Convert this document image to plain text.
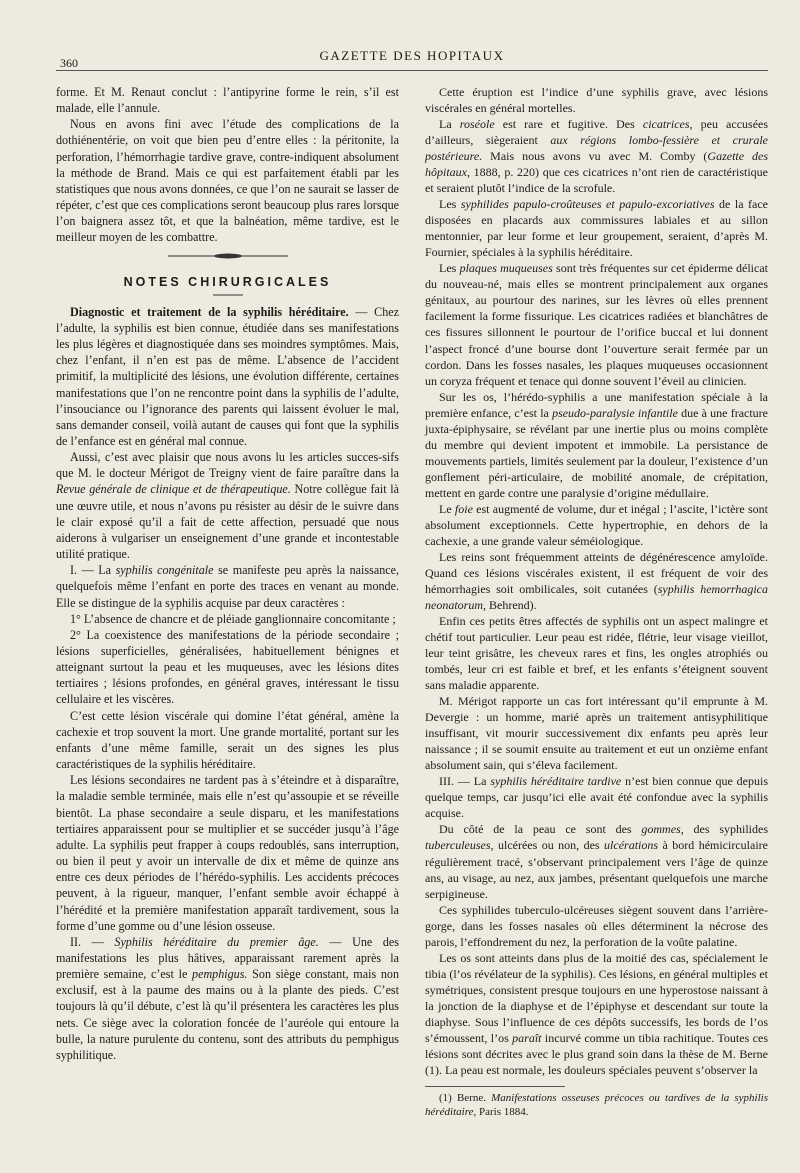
360	GAZETTE DES HOPITAUX

forme. Et M. Renaut conclut : l’antipyrine forme le rein, s’il est malade, elle l’annule.

Nous en avons fini avec l’étude des complications de la dothiénentérie, on voit que bien peu d’entre elles : la péritonite, la perforation, l’hémorrhagie tardive grave, contre-indiquent absolument la méthode de Brand. Mais ce qui est parfaitement établi par les statistiques que nous avons données, ce que l’on ne saurait se lasser de répéter, c’est que ces complications seront beaucoup plus rares lorsque l’on baignera assez tôt, et que la balnéation, même tardive, est le meilleur moyen de les combattre.

NOTES CHIRURGICALES

Diagnostic et traitement de la syphilis héréditaire. — Chez l’adulte, la syphilis est bien connue, étudiée dans ses manifestations les plus légères et diagnostiquée dans ses moindres symptômes. Mais, chez l’enfant, il n’en est pas de même. L’absence de l’accident primitif, la multiplicité des lésions, une évolution différente, certaines manifestations que l’on ne rencontre point dans la syphilis de l’adulte, l’insouciance ou l’ignorance des parents qui laissent évoluer le mal, sans demander conseil, voilà autant de causes qui font que la syphilis de l’enfance est en général mal connue.

Aussi, c’est avec plaisir que nous avons lu les articles succes-sifs que M. le docteur Mérigot de Treigny vient de faire paraître dans la Revue générale de clinique et de thérapeutique. Notre collègue fait là une œuvre utile, et nous n’avons pu résister au désir de le suivre dans le clair exposé qu’il a fait de cette affection, persuadé que nous aiderons à vulgariser un enseignement d’une grande et incontestable utilité pratique.

I. — La syphilis congénitale se manifeste peu après la naissance, quelquefois même l’enfant en porte des traces en venant au monde. Elle se distingue de la syphilis acquise par deux caractères :

1° L’absence de chancre et de pléiade ganglionnaire concomitante ;

2° La coexistence des manifestations de la période secondaire ; lésions superficielles, généralisées, habituellement bénignes et atteignant surtout la peau et les muqueuses, avec les lésions dites tertiaires ; lésions profondes, en général graves, intéressant le tissu cellulaire et les viscères.

C’est cette lésion viscérale qui domine l’état général, amène la cachexie et trop souvent la mort. Une grande mortalité, portant sur les enfants d’une même famille, serait un des signes les plus caractéristiques de la syphilis héréditaire.

Les lésions secondaires ne tardent pas à s’éteindre et à disparaître, la maladie semble terminée, mais elle n’est qu’assoupie et se réveille bientôt. La phase secondaire a seule disparu, et les manifestations tertiaires apparaissent pour se multiplier et se succéder jusqu’à l’âge adulte. La syphilis peut frapper à coups redoublés, sans interruption, ou bien il peut y avoir un intervalle de dix et même de quinze ans entre ces deux périodes de l’hérédo-syphilis. Les accidents précoces peuvent, à la rigueur, manquer, l’enfant semble avoir échappé à l’hérédité et la première manifestation apparaît tardivement, sous la forme d’une gomme ou d’une lésion osseuse.

II. — Syphilis héréditaire du premier âge. — Une des manifestations les plus hâtives, apparaissant rarement après la première semaine, c’est le pemphigus. Son siège constant, mais non exclusif, est à la paume des mains ou à la plante des pieds. C’est toujours là qu’il débute, c’est là qu’il présentera les caractères les plus nets. Ce siège avec la coloration foncée de l’auréole qui entoure la bulle, la nature purulente du contenu, sont des attributs du pemphigus syphilitique.

Cette éruption est l’indice d’une syphilis grave, avec lésions viscérales en général mortelles.

La roséole est rare et fugitive. Des cicatrices, peu accusées d’ailleurs, siègeraient aux régions lombo-fessière et crurale postérieure. Mais nous avons vu avec M. Comby (Gazette des hôpitaux, 1888, p. 220) que ces cicatrices n’ont rien de caractéristique et seraient plutôt l’indice de la scrofule.

Les syphilides papulo-croûteuses et papulo-excoriatives de la face disposées en placards aux commissures labiales et au sillon mentonnier, par leur forme et leur groupement, seraient, d’après M. Fournier, spéciales à la syphilis héréditaire.

Les plaques muqueuses sont très fréquentes sur cet épiderme délicat du nouveau-né, mais elles se montrent principalement aux organes génitaux, au pourtour des narines, sur les lèvres où elles prennent facilement la forme fissurique. Les cicatrices radiées et blanchâtres de ces fissures sillonnent le pourtour de l’orifice buccal et lui donnent l’aspect froncé d’une bourse dont l’ouverture serait fermée par un cordon. Dans les fosses nasales, les plaques muqueuses occasionnent un coryza fréquent et tenace qui donne souvent l’éveil au clinicien.

Sur les os, l’hérédo-syphilis a une manifestation spéciale à la première enfance, c’est la pseudo-paralysie infantile due à une fracture juxta-épiphysaire, se révélant par une inertie plus ou moins complète du membre qui devient impotent et immobile. La persistance de mouvements partiels, limités seulement par la douleur, l’existence d’un gonflement péri-articulaire, de mobilité anomale, de crépitation, mettent en garde contre une paralysie d’origine médullaire.

Le foie est augmenté de volume, dur et inégal ; l’ascite, l’ictère sont absolument exceptionnels. Cette hypertrophie, en dehors de la cachexie, a une grande valeur séméiologique.

Les reins sont fréquemment atteints de dégénérescence amyloïde. Quand ces lésions viscérales existent, il est fréquent de voir des hémorrhagies soit ombilicales, soit cutanées (syphilis hemorrhagica neonatorum, Behrend).

Enfin ces petits êtres affectés de syphilis ont un aspect malingre et chétif tout particulier. Leur peau est ridée, flétrie, leur visage vieillot, leur teint grisâtre, les cheveux rares et fins, les ongles atrophiés ou tombés, leur cri est faible et bref, et les enfants s’éteignent souvent sans maladie apparente.

M. Mérigot rapporte un cas fort intéressant qu’il emprunte à M. Devergie : un homme, marié après un traitement antisyphilitique insuffisant, vit mourir successivement dix enfants peu après leur naissance ; il se soumit ensuite au traitement et eut un onzième enfant absolument sain, qui s’éleva facilement.

III. — La syphilis héréditaire tardive n’est bien connue que depuis quelque temps, car jusqu’ici elle avait été confondue avec la syphilis acquise.

Du côté de la peau ce sont des gommes, des syphilides tuberculeuses, ulcérées ou non, des ulcérations à bord hémicirculaire régulièrement tracé, s’observant principalement vers l’âge de quinze ans, au visage, au nez, aux jambes, présentant quelquefois une marche serpigineuse.

Ces syphilides tuberculo-ulcéreuses siègent souvent dans l’arrière-gorge, dans les fosses nasales où elles déterminent la nécrose des parois, l’effondrement du nez, la perforation de la voûte palatine.

Les os sont atteints dans plus de la moitié des cas, spécialement le tibia (l’os révélateur de la syphilis). Ces lésions, en général multiples et symétriques, consistent presque toujours en une hyperostose naissant à la jonction de la diaphyse et de l’épiphyse et descendant sur toute la diaphyse. Sous l’influence de ces dépôts successifs, les bords de l’os s’émoussent, l’os paraît incurvé comme un tibia rachitique. Toutes ces lésions sont décrites avec le plus grand soin dans la thèse de M. Berne (1). La peau est normale, les douleurs spéciales peuvent s’observer la

(1) Berne. Manifestations osseuses précoces ou tardives de la syphilis héréditaire, Paris 1884.
